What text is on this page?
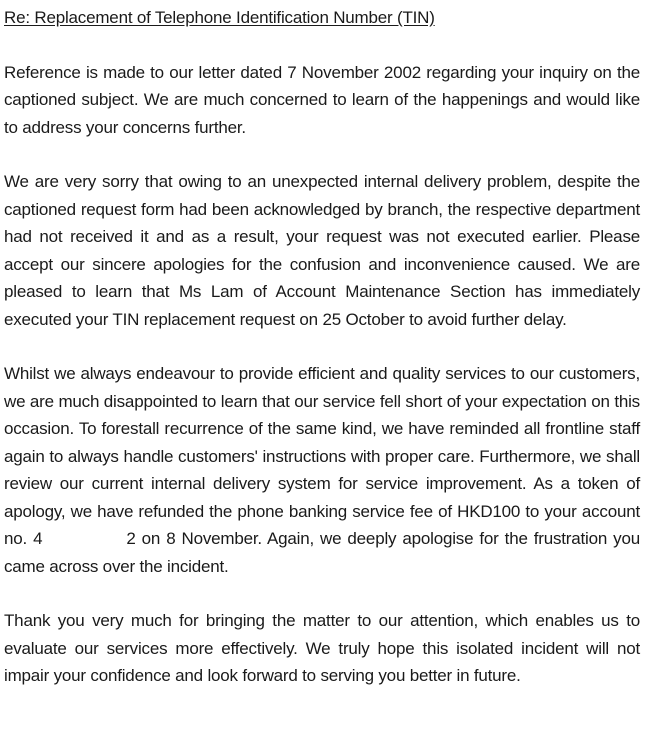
Re: Replacement of Telephone Identification Number (TIN)

Reference is made to our letter dated 7 November 2002 regarding your inquiry on the captioned subject. We are much concerned to learn of the happenings and would like to address your concerns further.

We are very sorry that owing to an unexpected internal delivery problem, despite the captioned request form had been acknowledged by branch, the respective department had not received it and as a result, your request was not executed earlier. Please accept our sincere apologies for the confusion and inconvenience caused. We are pleased to learn that Ms Lam of Account Maintenance Section has immediately executed your TIN replacement request on 25 October to avoid further delay.

Whilst we always endeavour to provide efficient and quality services to our customers, we are much disappointed to learn that our service fell short of your expectation on this occasion. To forestall recurrence of the same kind, we have reminded all frontline staff again to always handle customers' instructions with proper care. Furthermore, we shall review our current internal delivery system for service improvement. As a token of apology, we have refunded the phone banking service fee of HKD100 to your account no. 4	2 on 8 November. Again, we deeply apologise for the frustration you came across over the incident.

Thank you very much for bringing the matter to our attention, which enables us to evaluate our services more effectively. We truly hope this isolated incident will not impair your confidence and look forward to serving you better in future.
